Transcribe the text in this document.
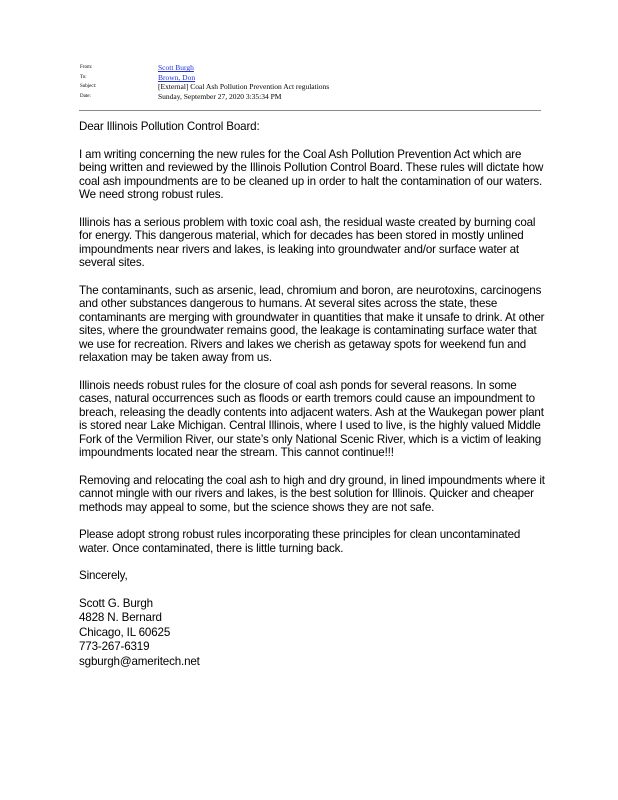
From:	Scott Burgh
To:	Brown, Don
Subject:	[External] Coal Ash Pollution Prevention Act regulations
Date:	Sunday, September 27, 2020 3:35:34 PM

Dear Illinois Pollution Control Board:

I am writing concerning the new rules for the Coal Ash Pollution Prevention Act which are being written and reviewed by the Illinois Pollution Control Board. These rules will dictate how coal ash impoundments are to be cleaned up in order to halt the contamination of our waters. We need strong robust rules.

Illinois has a serious problem with toxic coal ash, the residual waste created by burning coal for energy. This dangerous material, which for decades has been stored in mostly unlined impoundments near rivers and lakes, is leaking into groundwater and/or surface water at several sites.

The contaminants, such as arsenic, lead, chromium and boron, are neurotoxins, carcinogens and other substances dangerous to humans. At several sites across the state, these contaminants are merging with groundwater in quantities that make it unsafe to drink. At other sites, where the groundwater remains good, the leakage is contaminating surface water that we use for recreation. Rivers and lakes we cherish as getaway spots for weekend fun and relaxation may be taken away from us.

Illinois needs robust rules for the closure of coal ash ponds for several reasons. In some cases, natural occurrences such as floods or earth tremors could cause an impoundment to breach, releasing the deadly contents into adjacent waters. Ash at the Waukegan power plant is stored near Lake Michigan. Central Illinois, where I used to live, is the highly valued Middle Fork of the Vermilion River, our state’s only National Scenic River, which is a victim of leaking impoundments located near the stream. This cannot continue!!!

Removing and relocating the coal ash to high and dry ground, in lined impoundments where it cannot mingle with our rivers and lakes, is the best solution for Illinois. Quicker and cheaper methods may appeal to some, but the science shows they are not safe.

Please adopt strong robust rules incorporating these principles for clean uncontaminated water. Once contaminated, there is little turning back.

Sincerely,

Scott G. Burgh
4828 N. Bernard
Chicago, IL 60625
773-267-6319
sgburgh@ameritech.net
